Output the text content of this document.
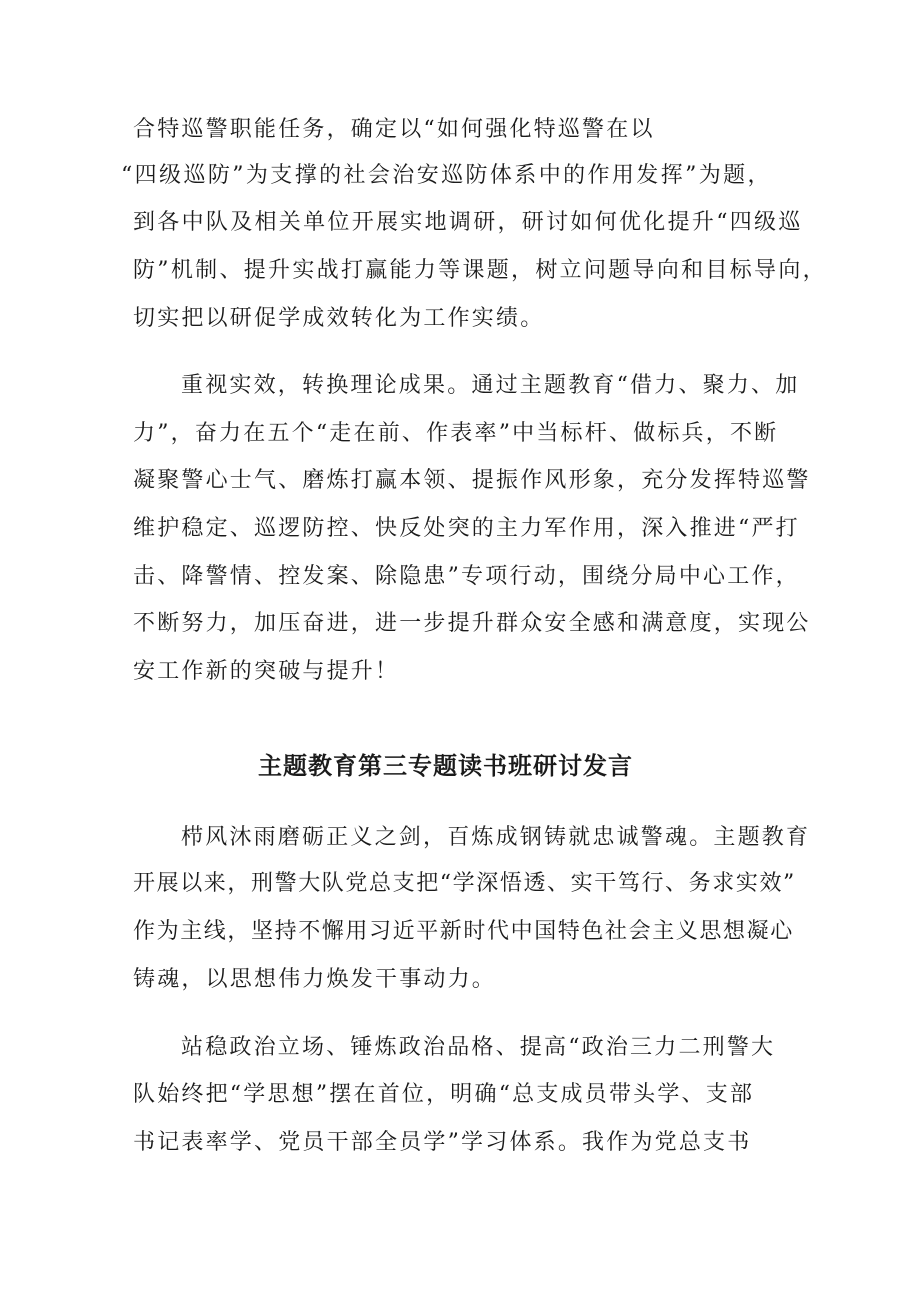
合特巡警职能任务，确定以“如何强化特巡警在以
“四级巡防”为支撑的社会治安巡防体系中的作用发挥”为题，
到各中队及相关单位开展实地调研，研讨如何优化提升“四级巡
防”机制、提升实战打赢能力等课题，树立问题导向和目标导向，
切实把以研促学成效转化为工作实绩。
重视实效，转换理论成果。通过主题教育“借力、聚力、加
力”，奋力在五个“走在前、作表率”中当标杆、做标兵，不断
凝聚警心士气、磨炼打赢本领、提振作风形象，充分发挥特巡警
维护稳定、巡逻防控、快反处突的主力军作用，深入推进“严打
击、降警情、控发案、除隐患”专项行动，围绕分局中心工作，
不断努力，加压奋进，进一步提升群众安全感和满意度，实现公
安工作新的突破与提升！
主题教育第三专题读书班研讨发言
栉风沐雨磨砺正义之剑，百炼成钢铸就忠诚警魂。主题教育
开展以来，刑警大队党总支把“学深悟透、实干笃行、务求实效”
作为主线，坚持不懈用习近平新时代中国特色社会主义思想凝心
铸魂，以思想伟力焕发干事动力。
站稳政治立场、锤炼政治品格、提高“政治三力二刑警大
队始终把“学思想”摆在首位，明确“总支成员带头学、支部
书记表率学、党员干部全员学”学习体系。我作为党总支书
